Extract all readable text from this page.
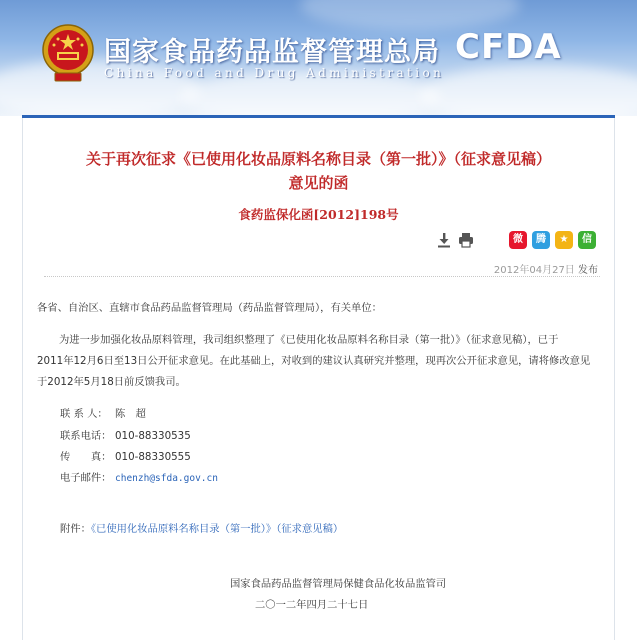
国家食品药品监督管理总局
China Food and Drug Administration
CFDA
关于再次征求《已使用化妆品原料名称目录（第一批）》（征求意见稿）
意见的函
食药监保化函[2012]198号
微	腾	★	信
2012年04月27日 发布
各省、自治区、直辖市食品药品监督管理局（药品监督管理局），有关单位：
为进一步加强化妆品原料管理，我司组织整理了《已使用化妆品原料名称目录（第一批）》（征求意见稿），已于
2011年12月6日至13日公开征求意见。在此基础上，对收到的建议认真研究并整理，现再次公开征求意见，请将修改意见
于2012年5月18日前反馈我司。
联 系 人： 陈　超
联系电话： 010-88330535
传　　真： 010-88330555
电子邮件： chenzh@sfda.gov.cn
附件：《已使用化妆品原料名称目录（第一批）》（征求意见稿）
国家食品药品监督管理局保健食品化妆品监管司
二〇一二年四月二十七日
